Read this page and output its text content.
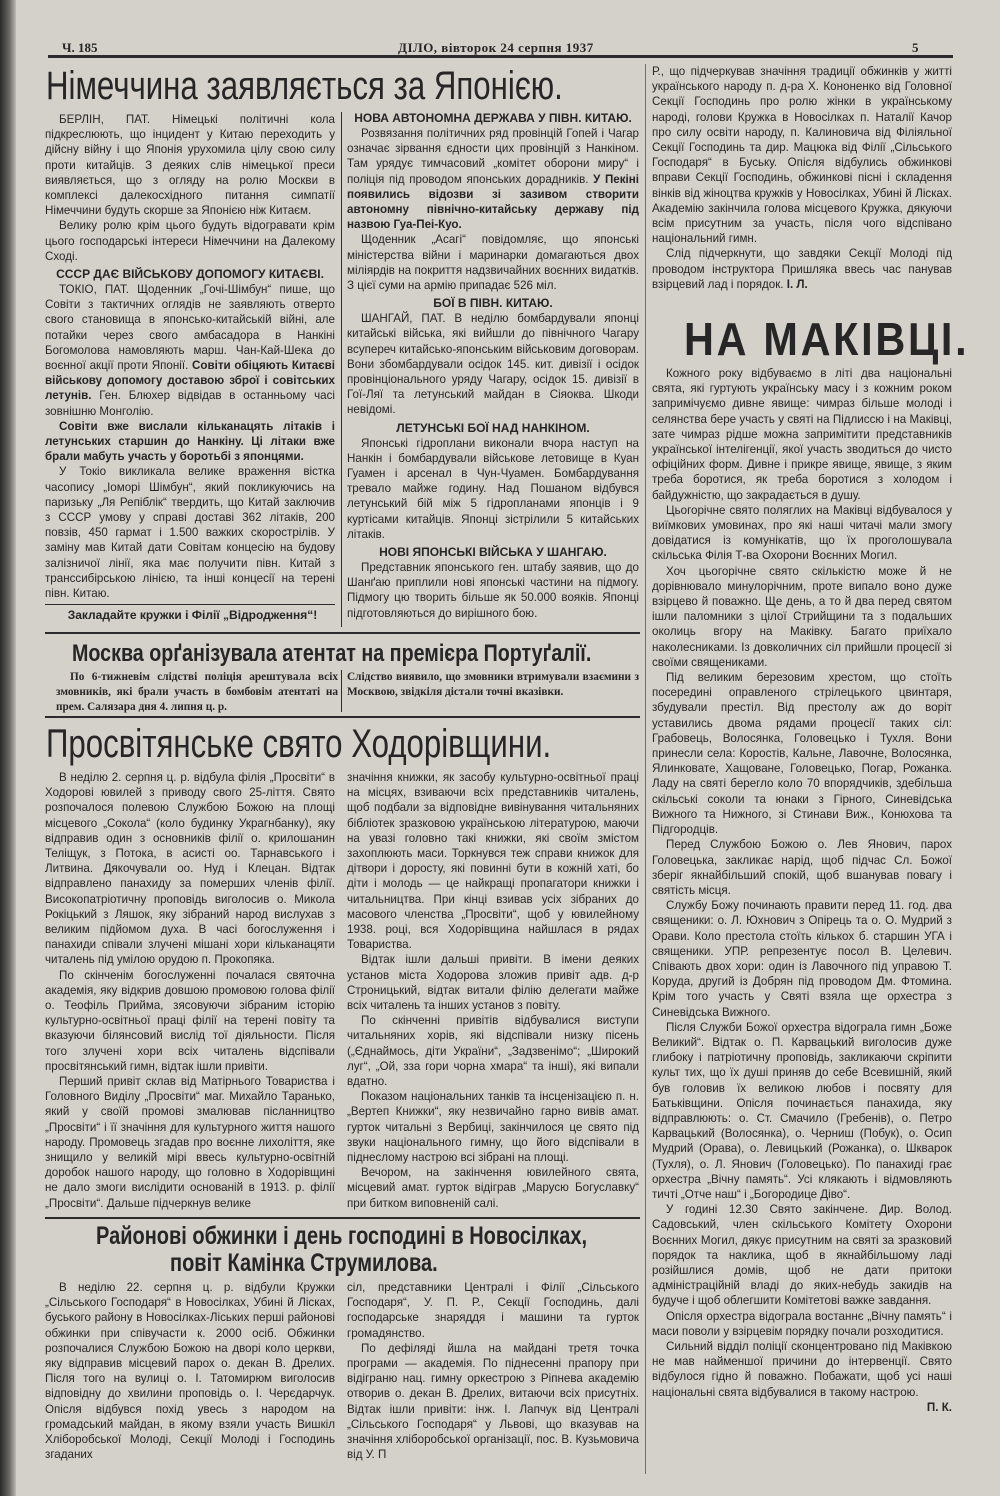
Ч. 185	ДІЛО, вівторок 24 серпня 1937	5
Німеччина заявляється за Японією.

БЕРЛІН, ПАТ. Німецькі політичні кола підкреслюють, що інцидент у Китаю переходить у дійсну війну і що Японія урухомила цілу свою силу проти китайців. З деяких слів німецької преси виявляється, що з огляду на ролю Москви в комплексі далекосхідного питання симпатії Німеччини будуть скорше за Японією ніж Китаєм.

Велику ролю крім цього будуть відогравати крім цього господарські інтереси Німеччини на Далекому Сході.

СССР ДАЄ ВІЙСЬКОВУ ДОПОМОГУ КИТАЄВІ.

ТОКІО, ПАТ. Щоденник „Гочі-Шімбун“ пише, що Совіти з тактичних оглядів не заявляють отверто свого становища в японсько-китайській війні, але потайки через свого амбасадора в Нанкіні Богомолова намовляють марш. Чан-Кай-Шека до воєнної акції проти Японії. Совіти обіцяють Китаєві військову допомогу доставою зброї і совітських летунів. Ген. Блюхер відвідав в останньому часі зовнішню Монголію.

Совіти вже вислали кільканацять літаків і летунських старшин до Нанкіну. Ці літаки вже брали мабуть участь у боротьбі з японцями.

У Токіо викликала велике враження вістка часопису „Іоморі Шімбун“, який покликуючись на паризьку „Ля Репіблік“ твердить, що Китай заключив з СССР умову у справі доставі 362 літаків, 200 повзів, 450 гармат і 1.500 важких скорострілів. У заміну мав Китай дати Совітам концесію на будову залізничої лінії, яка має получити півн. Китай з транссибірською лінією, та інші концесії на терені півн. Китаю.

Закладайте кружки і Філії „Відродження“!
НОВА АВТОНОМНА ДЕРЖАВА У ПІВН. КИТАЮ.

Розвязання політичних ряд провінцій Гопей і Чагар означає зірвання єдности цих провінцій з Нанкіном. Там урядує тимчасовий „комітет оборони миру“ і поліція під проводом японських дорадників. У Пекіні появились відозви зі зазивом створити автономну північно-китайську державу під назвою Гуа-Пеі-Куо.

Щоденник „Асагі“ повідомляє, що японські міністерства війни і маринарки домагаються двох міліярдів на покриття надзвичайних воєнних видатків. З цієї суми на армію припадає 526 міл.

БОЇ В ПІВН. КИТАЮ.

ШАНГАЙ, ПАТ. В неділю бомбардували японці китайські війська, які вийшли до північного Чагару всупереч китайсько-японським військовим договорам. Вони збомбардували осідок 145. кит. дивізії і осідок провінціонального уряду Чагару, осідок 15. дивізії в Гої-Ляї та летунський майдан в Сіяоква. Шкоди невідомі.

ЛЕТУНСЬКІ БОЇ НАД НАНКІНОМ.

Японські гідроплани виконали вчора наступ на Нанкін і бомбардували військове летовище в Куан Гуамен і арсенал в Чун-Чуамен. Бомбардування тревало майже годину. Над Пошаном відбувся летунський бій між 5 гідропланами японців і 9 куртісами китайців. Японці зістрілили 5 китайських літаків.

НОВІ ЯПОНСЬКІ ВІЙСЬКА У ШАНГАЮ.

Представник японського ген. штабу заявив, що до Шанґаю приплили нові японські частини на підмогу. Підмогу цю творить більше як 50.000 вояків. Японці підготовляються до вирішного бою.

Москва орґанізувала атентат на премієра Портуґалії.

По 6-тижневім слідстві поліція арештувала всіх змовників, які брали участь в бомбовім атентаті на прем. Салязара дня 4. липня ц. р.

Слідство виявило, що змовники втримували взаємини з Москвою, звідкіля дістали точні вказівки.

Просвітянське свято Ходорівщини.

В неділю 2. серпня ц. р. відбула філія „Просвіти“ в Ходорові ювилей з приводу свого 25-ліття. Свято розпочалося полевою Службою Божою на площі місцевого „Сокола“ (коло будинку Украгнбанку), яку відправив один з основників філії о. крилошанин Теліщук, з Потока, в асисті оо. Тарнавського і Литвина. Дякочували оо. Нуд і Клецан. Відтак відправлено панахиду за помершиx членів філії. Високопатріотичну проповідь виголосив о. Микола Рокіцький з Ляшок, яку зібраний народ вислухав з великим підйомом духа. В часі богослуження і панахиди співали злучені мішані хори кільканацяти читалень під умілою орудою п. Прокопяка.

По скінченім богослуженні почалася святочна академія, яку відкрив довшою промовою голова філії о. Теофіль Прийма, зясовуючи зібраним історію культурно-освітньої праці філії на терені повіту та вказуючи білянсовий вислід тої діяльности. Після того злучені хори всіх читалень відспівали просвітянський гимн, відтак ішли привіти.

Перший привіт склав від Матірнього Товариства і Головного Виділу „Просвіти“ маг. Михайло Таранько, який у своїй промові змалював післанництво „Просвіти“ і її значіння для культурного життя нашого народу. Промовець згадав про воєнне лихоліття, яке знищило у великій мірі ввесь культурно-освітній доробок нашого народу, що головно в Ходорівщині не дало змоги вислідити основаній в 1913. р. філії „Просвіти“. Дальше підчеркнув велике

значіння книжки, як засобу культурно-освітньої праці на місцях, взиваючи всіх представників читалень, щоб подбали за відповідне вивінування читальняних бібліотек зразковою українською літературою, маючи на увазі головно такі книжки, які своїм змістом захоплюють маси. Торкнувся теж справи книжок для дітвори і доросту, які повинні бути в кожній хаті, бо діти і молодь — це найкращі пропагатори книжки і читальництва. При кінці взивав усіх зібраних до масового членства „Просвіти“, щоб у ювилейному 1938. році, вся Ходорівщина найшлася в рядах Товариства.

Відтак ішли дальші привіти. В імени деяких установ міста Ходорова зложив привіт адв. д-р Строницький, відтак витали філію делегати майже всіх читалень та інших установ з повіту.

По скінченні привітів відбувалися виступи читальняних хорів, які відспівали низку пісень („Єднаймось, діти України“, „Задзвенімо“; „Широкий луг“, „Ой, зза гори чорна хмара“ та інші), які випали вдатно.

Показом національних танків та інсценізацією п. н. „Вертеп Книжки“, яку незвичайно гарно вивів амат. гурток читальні з Вербиці, закінчилося це свято під звуки національного гимну, що його відспівали в піднеслому настрою всі зібрані на площі.

Вечором, на закінчення ювилейного свята, місцевий амат. гурток відіграв „Марусю Богуславку“ при битком виповненій салі.

Районові обжинки і день господині в Новосілках,
повіт Камінка Струмилова.

В неділю 22. серпня ц. р. відбули Кружки „Сільського Господаря“ в Новосілках, Убині й Лісках, буського району в Новосілках-Ліських перші районові обжинки при співучасти к. 2000 осіб. Обжинки розпочалися Службою Божою на дворі коло церкви, яку відправив місцевий парох о. декан В. Дрелих. Після того на вулиці о. І. Татомирюм виголосив відповідну до хвилини проповідь о. І. Черєдарчук. Опісля відбувся похід увесь з народом на громадський майдан, в якому взяли участь Вишкіл Хліборобської Молоді, Секції Молоді і Господинь згаданих

сіл, представники Централі і Філії „Сільського Господаря“, У. П. Р., Секції Господинь, далі господарське знаряддя і машини та гурток громадянство.

По дефіляді йшла на майдані третя точка програми — академія. По піднесенні прапору при відіграню нац. гимну оркестрою з Ріпнева академію отворив о. декан В. Дрелих, витаючи всіх присутніх. Відтак ішли привіти: інж. І. Лапчук від Централі „Сільського Господаря“ у Львові, що вказував на значіння хліборобської організації, пос. В. Кузьмовича від У. П

Р., що підчеркував значіння традиції обжинків у житті українського народу п. д-ра Х. Кононенко від Головної Секції Господинь про ролю жінки в українському народі, голови Кружка в Новосілках п. Наталії Качор про силу освіти народу, п. Калиновича від Філіяльної Секції Господинь та дир. Мацюка від Філії „Сільського Господаря“ в Буську. Опісля відбулись обжинкові вправи Секції Господинь, обжинкові пісні і складення вінків від жіноцтва кружків у Новосілках, Убині й Лісках. Академію закінчила голова місцевого Кружка, дякуючи всім присутним за участь, після чого відспівано національний гимн.

Слід підчеркнути, що завдяки Секції Молоді під проводом інструктора Пришляка ввесь час панував взірцевий лад і порядок. І. Л.

НА МАКІВЦІ.

Кожного року відбуваємо в літі два національні свята, які гуртують українську масу і з кожним роком запримічуємо дивне явище: чимраз більше молоді і селянства бере участь у святі на Підлиссю і на Маківці, зате чимраз рідше можна запримітити представників української інтелігенції, якої участь зводиться до чисто офіційних форм. Дивне і прикре явище, явище, з яким треба боротися, як треба боротися з холодом і байдужністю, що закрадається в душу.

Цьогорічне свято поляглих на Маківці відбувалося у виїмкових умовинах, про які наші читачі мали змогу довідатися із комунікатів, що їх проголошувала скільська Філія Т-ва Охорони Воєнних Могил.

Хоч цьогорічне свято скількістю може й не дорівнювало минулорічним, проте випало воно дуже взірцево й поважно. Ще день, а то й два перед святом ішли паломники з цілої Стрийщини та з подальших околиць вгору на Маківку. Багато приїхало наколесниками. Із довколичних сіл прийшли процесії зі своїми священиками.

Під великим березовим хрестом, що стоїть посередині оправленого стрілецького цвинтаря, збудували престіл. Від престолу аж до воріт уставились двома рядами процесії таких сіл: Грабовець, Волосянка, Головецько і Тухля. Вони принесли села: Коростів, Кальне, Лавочне, Волосянка, Ялинковате, Хащоване, Головецько, Погар, Рожанка. Ладу на святі берегло коло 70 впорядчиків, здебільша скільські соколи та юнаки з Гірного, Синевідська Вижного та Нижного, зі Стинави Виж., Конюхова та Підгородців.

Перед Службою Божою о. Лев Янович, парох Головецька, закликає нарід, щоб підчас Сл. Божої зберіг якнайбільший спокій, щоб вшанував повагу і святість місця.

Службу Божу починають правити перед 11. год. два священики: о. Л. Юхнович з Опірець та о. О. Мудрий з Орави. Коло престола стоїть кількох б. старшин УГА і священики. УПР. репрезентує посол В. Целевич. Співають двох хори: один із Лавочного під управою Т. Коруда, другий із Добрян під проводом Дм. Фтомина. Крім того участь у Святі взяла ще орхестра з Синевідська Вижного.

Після Служби Божої орхестра відограла гимн „Боже Великий“. Відтак о. П. Карвацький виголосив дуже глибоку і патріотичну проповідь, закликаючи скріпити культ тих, що їх душі приняв до себе Всевишній, який був головив їх великою любов і посвяту для Батьківщини. Опісля починається панахида, яку відправлюють: о. Ст. Смачило (Гребенів), о. Петро Карвацький (Волосянка), о. Черниш (Побук), о. Осип Мудрий (Орава), о. Левицький (Рожанка), о. Шкварок (Тухля), о. Л. Янович (Головецько). По панахиді грає орхестра „Вічну память“. Усі клякають і відмовляють тичті „Отче наш“ і „Богородице Діво“.

У годині 12.30 Свято закінчене. Дир. Волод. Садовський, член скільського Комітету Охорони Воєнних Могил, дякує присутним на святі за зразковий порядок та наклика, щоб в якнайбільшому ладі розійшлися домів, щоб не дати притоки адміністраційній владі до яких-небудь закидів на будуче і щоб облегшити Комітетові важке завдання.

Опісля орхестра відограла востаннє „Вічну память“ і маси поволи у взірцевім порядку почали розходитися.

Сильний відділ поліції сконцентровано під Маківкою не мав найменшої причини до інтервенції. Свято відбулося гідно й поважно. Побажати, щоб усі наші національні свята відбувалися в такому настрою.

П. К.
